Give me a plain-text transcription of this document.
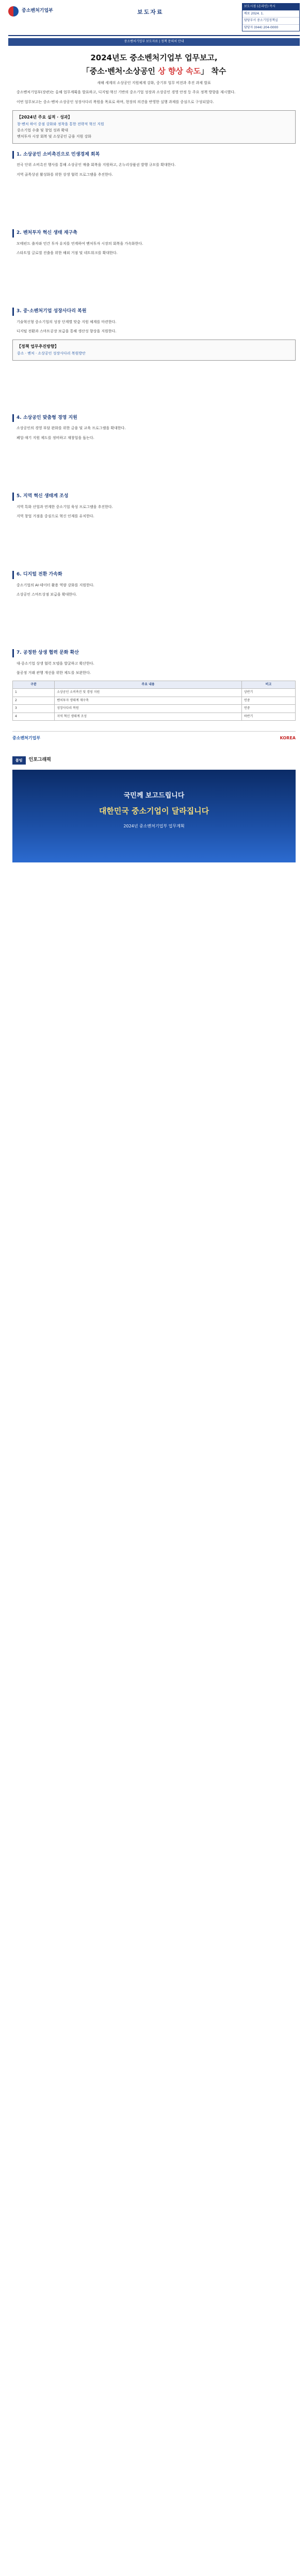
중소벤처기업부	보도자료
보도시점 (온라인) 즉시
배포 2024. 1.
담당부서 중소기업정책실
담당자 (044) 204-0000
중소벤처기업부 보도자료 | 정책 문의처 안내
2024년도 중소벤처기업부 업무보고,
「중소·벤처·소상공인 상 향상 속도」 착수
새해 세계의 소상공인 지원체계 강화, 중기부 업무 비전과 추진 과제 발표

중소벤처기업부(장관)는 올해 업무계획을 발표하고, 디지털·혁신 기반의 중소기업 성장과 소상공인 경영 안정 등 주요 정책 방향을 제시했다.

이번 업무보고는 중소·벤처·소상공인 성장사다리 복원을 목표로 하며, 현장의 의견을 반영한 실행 과제를 중심으로 구성되었다.

【2024년 주요 실적 · 성과】
창·벤처 하이 중점 강화와 정착을 통한 전략적 혁신 지원
중소기업 수출 및 창업 성과 확대
벤처투자 시장 회복 및 소상공인 금융 지원 강화
1. 소상공인 소비촉진으로 민생경제 회복

전국 단위 소비촉진 행사를 통해 소상공인 매출 회복을 지원하고, 온누리상품권 발행 규모를 확대한다.

지역 골목상권 활성화를 위한 상생 협력 프로그램을 추진한다.

2. 벤처투자 혁신 생태 재구축

모태펀드 출자와 민간 투자 유치를 연계하여 벤처투자 시장의 회복을 가속화한다.

스타트업 글로벌 진출을 위한 해외 거점 및 네트워크를 확대한다.

3. 중·소벤처기업 성장사다리 복원

기술혁신형 중소기업의 성장 단계별 맞춤 지원 체계를 마련한다.

디지털 전환과 스마트공장 보급을 통해 생산성 향상을 지원한다.

【정책 업무추진방향】
중소 · 벤처 · 소상공인 성장사다리 복원방안
4. 소상공인 맞춤형 경영 지원

소상공인의 경영 부담 완화를 위한 금융 및 교육 프로그램을 확대한다.

폐업·재기 지원 제도를 정비하고 재창업을 돕는다.

5. 지역 혁신 생태계 조성

지역 특화 산업과 연계한 중소기업 육성 프로그램을 추진한다.

지역 창업 거점을 중심으로 혁신 인재를 유치한다.

6. 디지털 전환 가속화

중소기업의 AI·데이터 활용 역량 강화를 지원한다.

소상공인 스마트상점 보급을 확대한다.

7. 공정한 상생 협력 문화 확산

대·중소기업 상생 협력 모델을 발굴하고 확산한다.

불공정 거래 관행 개선을 위한 제도를 보완한다.

구분	주요 내용	비고
1	소상공인 소비촉진 및 경영 지원	상반기
2	벤처투자 생태계 재구축	연중
3	성장사다리 복원	연중
4	지역 혁신 생태계 조성	하반기
중소벤처기업부	KOREA
붙임	인포그래픽
국민께 보고드립니다
대한민국 중소기업이 달라집니다
2024년 중소벤처기업부 업무계획
